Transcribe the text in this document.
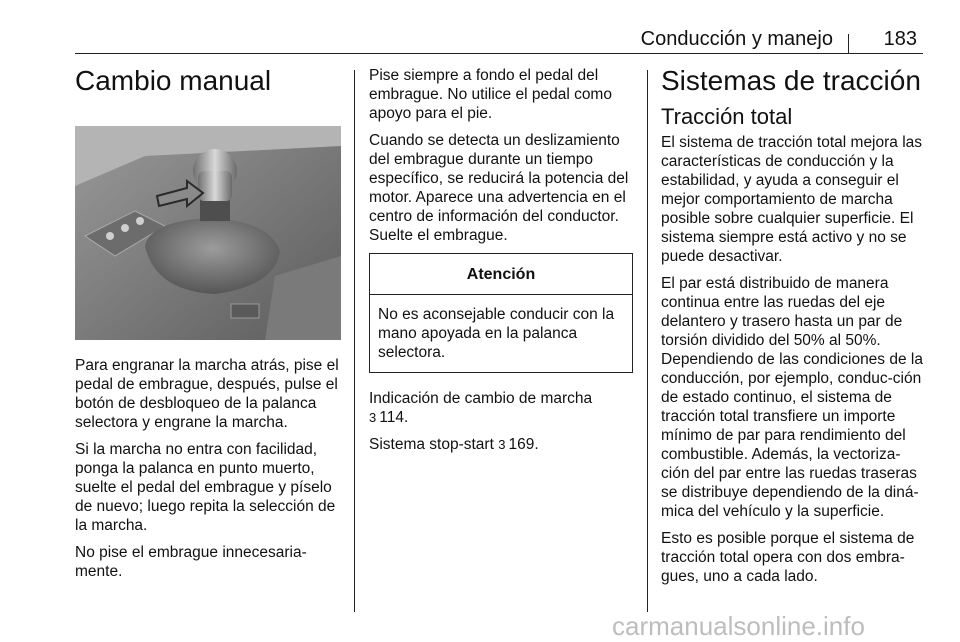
Conducción y manejo	183
Cambio manual

Para engranar la marcha atrás, pise el pedal de embrague, después, pulse el botón de desbloqueo de la palanca selectora y engrane la marcha.

Si la marcha no entra con facilidad, ponga la palanca en punto muerto, suelte el pedal del embrague y píselo de nuevo; luego repita la selección de la marcha.

No pise el embrague innecesaria-mente.

Pise siempre a fondo el pedal del embrague. No utilice el pedal como apoyo para el pie.

Cuando se detecta un deslizamiento del embrague durante un tiempo específico, se reducirá la potencia del motor. Aparece una advertencia en el centro de información del conductor. Suelte el embrague.

Atención
No es aconsejable conducir con la mano apoyada en la palanca selectora.

Indicación de cambio de marcha
3 114.

Sistema stop-start 3 169.

Sistemas de tracción
Tracción total

El sistema de tracción total mejora las características de conducción y la estabilidad, y ayuda a conseguir el mejor comportamiento de marcha posible sobre cualquier superficie. El sistema siempre está activo y no se puede desactivar.

El par está distribuido de manera continua entre las ruedas del eje delantero y trasero hasta un par de torsión dividido del 50% al 50%. Dependiendo de las condiciones de la conducción, por ejemplo, conduc-ción de estado continuo, el sistema de tracción total transfiere un importe mínimo de par para rendimiento del combustible. Además, la vectoriza-ción del par entre las ruedas traseras se distribuye dependiendo de la diná-mica del vehículo y la superficie.

Esto es posible porque el sistema de tracción total opera con dos embra-gues, uno a cada lado.

carmanualsonline.info
